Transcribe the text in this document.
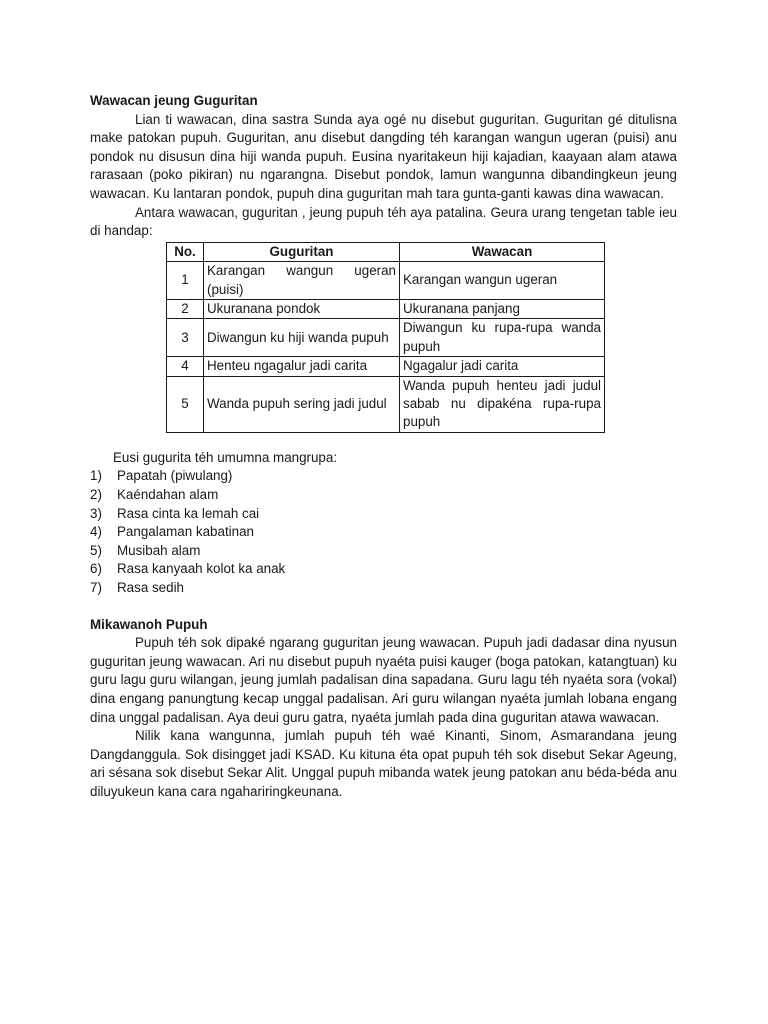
Wawacan jeung Guguritan

Lian ti wawacan, dina sastra Sunda aya ogé nu disebut guguritan. Guguritan gé ditulisna make patokan pupuh. Guguritan, anu disebut dangding téh karangan wangun ugeran (puisi) anu pondok nu disusun dina hiji wanda pupuh. Eusina nyaritakeun hiji kajadian, kaayaan alam atawa rarasaan (poko pikiran) nu ngarangna. Disebut pondok, lamun wangunna dibandingkeun jeung wawacan. Ku lantaran pondok, pupuh dina guguritan mah tara gunta-ganti kawas dina wawacan.

Antara wawacan, guguritan , jeung pupuh téh aya patalina. Geura urang tengetan table ieu di handap:

No.	Guguritan	Wawacan
1	Karangan wangun ugeran (puisi)	Karangan wangun ugeran
2	Ukuranana pondok	Ukuranana panjang
3	Diwangun ku hiji wanda pupuh	Diwangun ku rupa-rupa wanda pupuh
4	Henteu ngagalur jadi carita	Ngagalur jadi carita
5	Wanda pupuh sering jadi judul	Wanda pupuh henteu jadi judul sabab nu dipakéna rupa-rupa pupuh
Eusi gugurita téh umumna mangrupa:
1)	Papatah (piwulang)
2)	Kaéndahan alam
3)	Rasa cinta ka lemah cai
4)	Pangalaman kabatinan
5)	Musibah alam
6)	Rasa kanyaah kolot ka anak
7)	Rasa sedih
Mikawanoh Pupuh

Pupuh téh sok dipaké ngarang guguritan jeung wawacan. Pupuh jadi dadasar dina nyusun guguritan jeung wawacan. Ari nu disebut pupuh nyaéta puisi kauger (boga patokan, katangtuan) ku guru lagu guru wilangan, jeung jumlah padalisan dina sapadana. Guru lagu téh nyaéta sora (vokal) dina engang panungtung kecap unggal padalisan. Ari guru wilangan nyaéta jumlah lobana engang dina unggal padalisan. Aya deui guru gatra, nyaéta jumlah pada dina guguritan atawa wawacan.

Nilik kana wangunna, jumlah pupuh téh waé Kinanti, Sinom, Asmarandana jeung Dangdanggula. Sok disingget jadi KSAD. Ku kituna éta opat pupuh téh sok disebut Sekar Ageung, ari sésana sok disebut Sekar Alit. Unggal pupuh mibanda watek jeung patokan anu béda-béda anu diluyukeun kana cara ngahariringkeunana.
